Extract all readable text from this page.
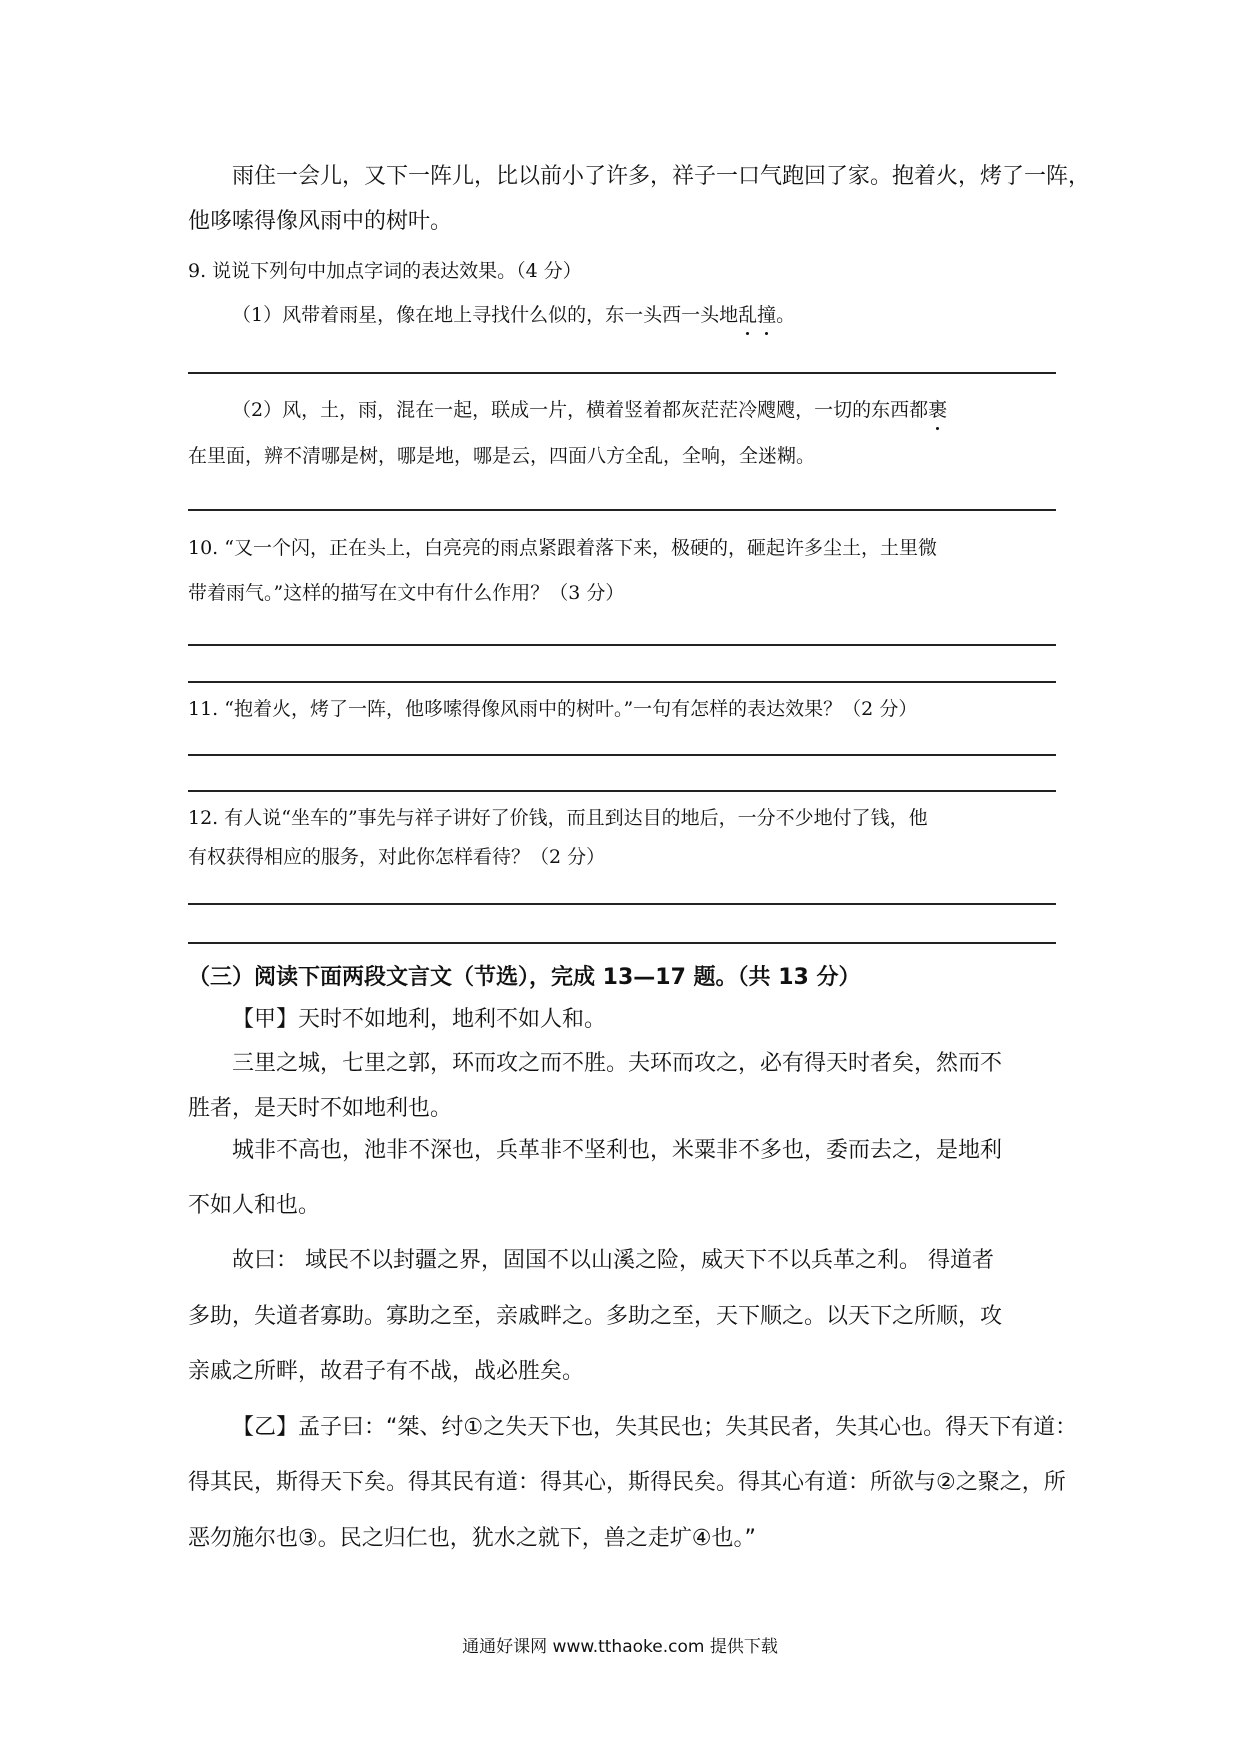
雨住一会儿，又下一阵儿，比以前小了许多，祥子一口气跑回了家。抱着火，烤了一阵，
他哆嗦得像风雨中的树叶。
9. 说说下列句中加点字词的表达效果。（4 分）
（1）风带着雨星，像在地上寻找什么似的，东一头西一头地乱撞。
（2）风，土，雨，混在一起，联成一片，横着竖着都灰茫茫冷飕飕，一切的东西都裹
在里面，辨不清哪是树，哪是地，哪是云，四面八方全乱，全响，全迷糊。
10. “又一个闪，正在头上，白亮亮的雨点紧跟着落下来，极硬的，砸起许多尘土，土里微
带着雨气。”这样的描写在文中有什么作用？（3 分）
11. “抱着火，烤了一阵，他哆嗦得像风雨中的树叶。”一句有怎样的表达效果？（2 分）
12. 有人说“坐车的”事先与祥子讲好了价钱，而且到达目的地后，一分不少地付了钱，他
有权获得相应的服务，对此你怎样看待？（2 分）
（三）阅读下面两段文言文（节选），完成 13—17 题。（共 13 分）
【甲】天时不如地利，地利不如人和。
三里之城，七里之郭，环而攻之而不胜。夫环而攻之，必有得天时者矣，然而不
胜者，是天时不如地利也。
城非不高也，池非不深也，兵革非不坚利也，米粟非不多也，委而去之，是地利
不如人和也。
故曰： 域民不以封疆之界，固国不以山溪之险，威天下不以兵革之利。 得道者
多助，失道者寡助。寡助之至，亲戚畔之。多助之至，天下顺之。以天下之所顺，攻
亲戚之所畔，故君子有不战，战必胜矣。
【乙】孟子曰：“桀、纣①之失天下也，失其民也；失其民者，失其心也。得天下有道：
得其民，斯得天下矣。得其民有道：得其心，斯得民矣。得其心有道：所欲与②之聚之，所
恶勿施尔也③。民之归仁也，犹水之就下，兽之走圹④也。”
通通好课网 www.tthaoke.com 提供下载
